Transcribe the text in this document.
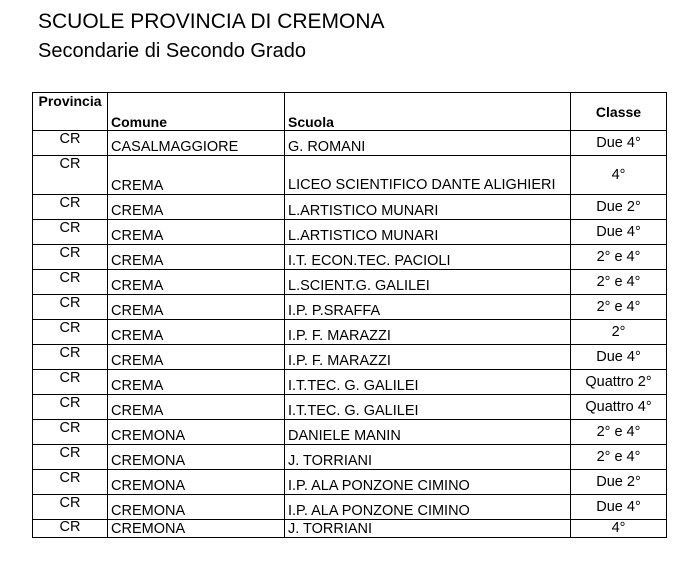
SCUOLE PROVINCIA DI CREMONA
Secondarie di Secondo Grado
Provincia	Comune	Scuola	Classe
CR	CASALMAGGIORE	G. ROMANI	Due 4°
CR	CREMA	LICEO SCIENTIFICO DANTE ALIGHIERI	4°
CR	CREMA	L.ARTISTICO MUNARI	Due 2°
CR	CREMA	L.ARTISTICO MUNARI	Due 4°
CR	CREMA	I.T. ECON.TEC. PACIOLI	2° e 4°
CR	CREMA	L.SCIENT.G. GALILEI	2° e 4°
CR	CREMA	I.P. P.SRAFFA	2° e 4°
CR	CREMA	I.P. F. MARAZZI	2°
CR	CREMA	I.P. F. MARAZZI	Due 4°
CR	CREMA	I.T.TEC. G. GALILEI	Quattro 2°
CR	CREMA	I.T.TEC. G. GALILEI	Quattro 4°
CR	CREMONA	DANIELE MANIN	2° e 4°
CR	CREMONA	J. TORRIANI	2° e 4°
CR	CREMONA	I.P. ALA PONZONE CIMINO	Due 2°
CR	CREMONA	I.P. ALA PONZONE CIMINO	Due 4°
CR	CREMONA	J. TORRIANI	4°
